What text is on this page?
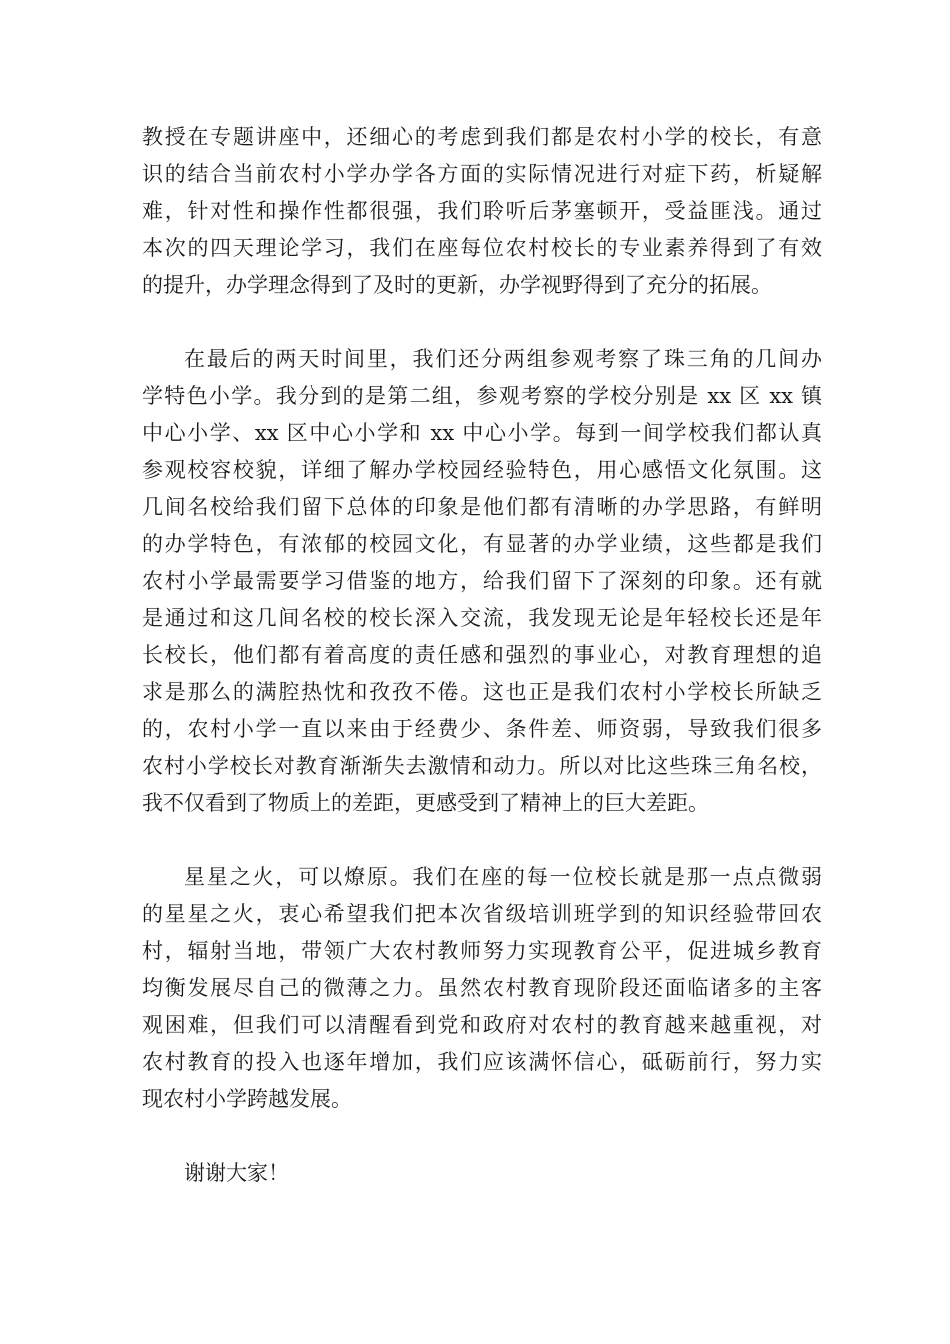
教授在专题讲座中，还细心的考虑到我们都是农村小学的校长，有意
识的结合当前农村小学办学各方面的实际情况进行对症下药，析疑解
难，针对性和操作性都很强，我们聆听后茅塞顿开，受益匪浅。通过
本次的四天理论学习，我们在座每位农村校长的专业素养得到了有效
的提升，办学理念得到了及时的更新，办学视野得到了充分的拓展。
在最后的两天时间里，我们还分两组参观考察了珠三角的几间办
学特色小学。我分到的是第二组，参观考察的学校分别是 xx 区 xx 镇
中心小学、xx 区中心小学和 xx 中心小学。每到一间学校我们都认真
参观校容校貌，详细了解办学校园经验特色，用心感悟文化氛围。这
几间名校给我们留下总体的印象是他们都有清晰的办学思路，有鲜明
的办学特色，有浓郁的校园文化，有显著的办学业绩，这些都是我们
农村小学最需要学习借鉴的地方，给我们留下了深刻的印象。还有就
是通过和这几间名校的校长深入交流，我发现无论是年轻校长还是年
长校长，他们都有着高度的责任感和强烈的事业心，对教育理想的追
求是那么的满腔热忱和孜孜不倦。这也正是我们农村小学校长所缺乏
的，农村小学一直以来由于经费少、条件差、师资弱，导致我们很多
农村小学校长对教育渐渐失去激情和动力。所以对比这些珠三角名校，
我不仅看到了物质上的差距，更感受到了精神上的巨大差距。
星星之火，可以燎原。我们在座的每一位校长就是那一点点微弱
的星星之火，衷心希望我们把本次省级培训班学到的知识经验带回农
村，辐射当地，带领广大农村教师努力实现教育公平，促进城乡教育
均衡发展尽自己的微薄之力。虽然农村教育现阶段还面临诸多的主客
观困难，但我们可以清醒看到党和政府对农村的教育越来越重视，对
农村教育的投入也逐年增加，我们应该满怀信心，砥砺前行，努力实
现农村小学跨越发展。
谢谢大家！
